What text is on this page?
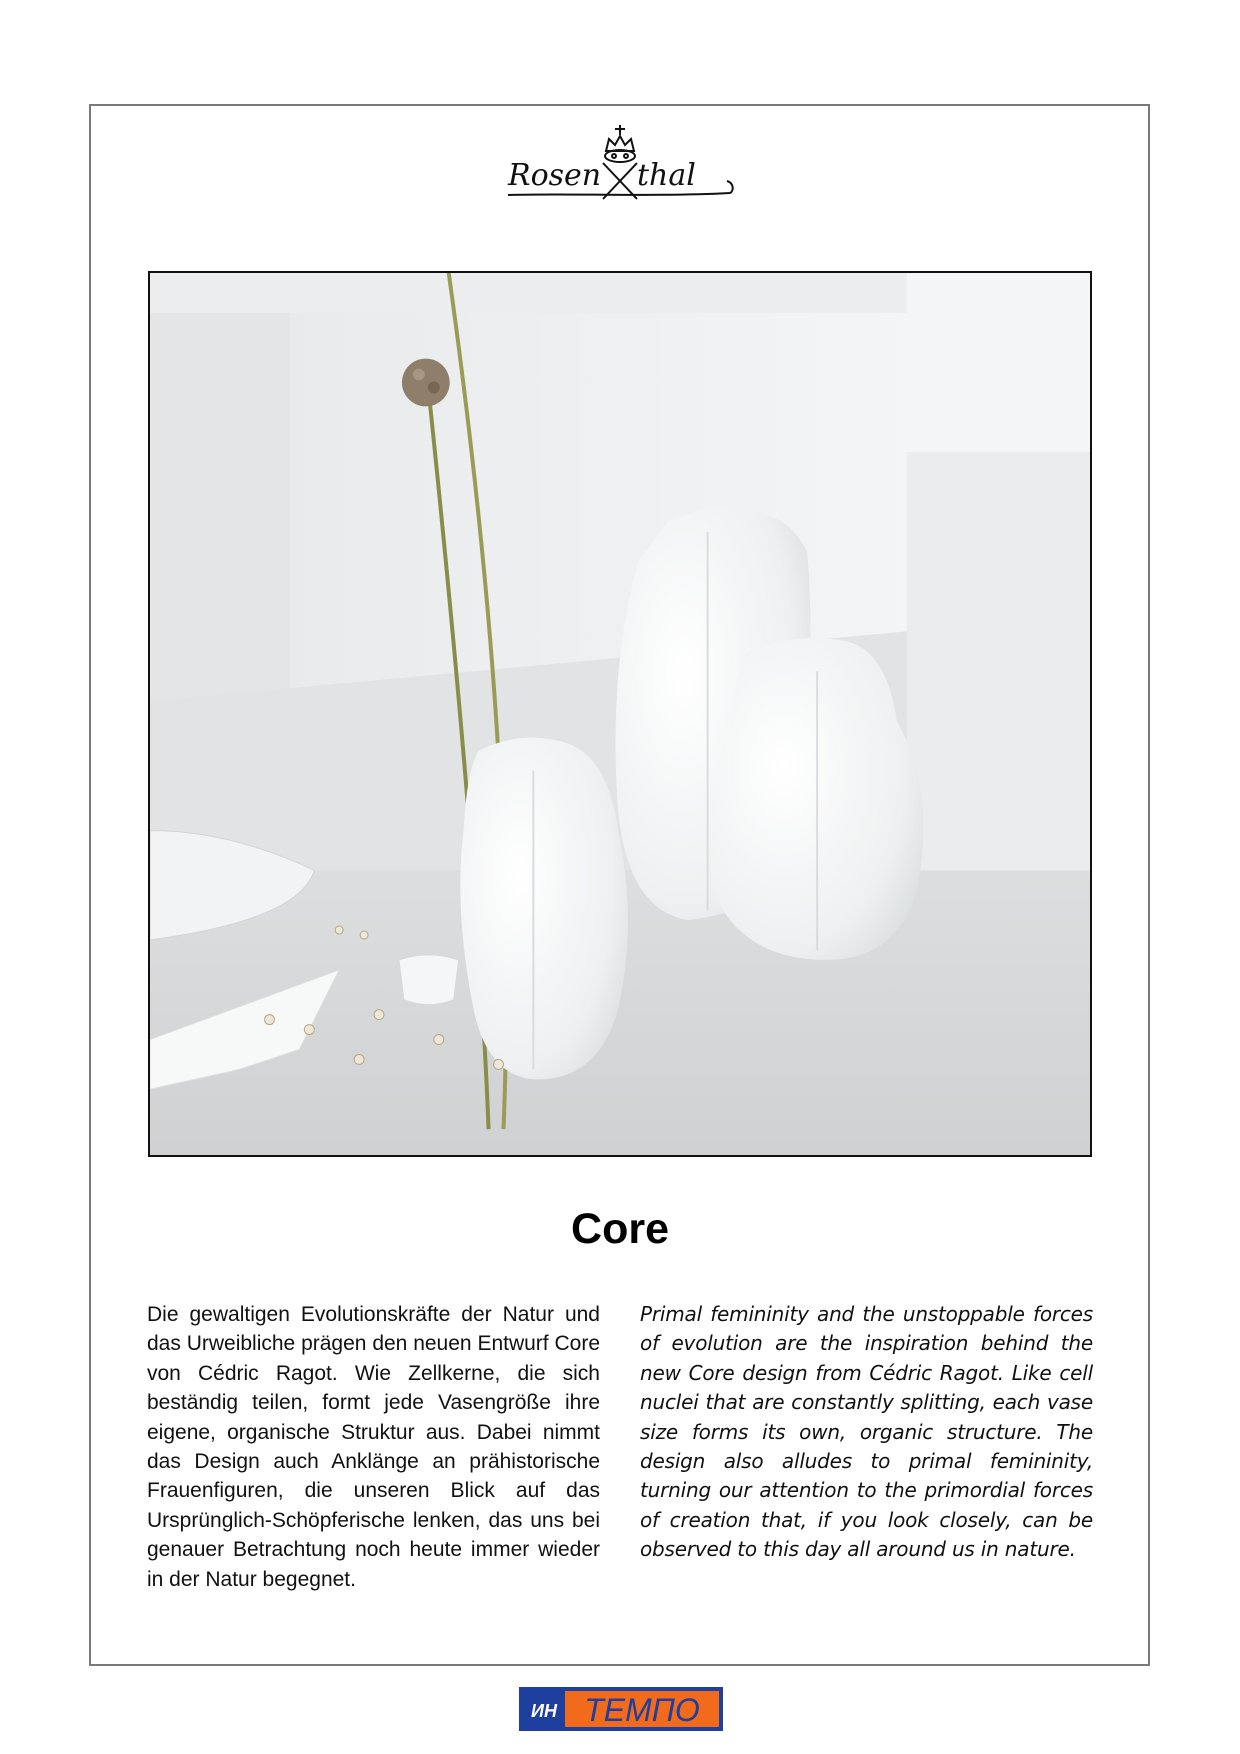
Rosen thal
Core

Die gewaltigen Evolutionskräfte der Natur und das Urweibliche prägen den neuen Entwurf Core von Cédric Ragot. Wie Zellkerne, die sich beständig teilen, formt jede Vasengröße ihre eigene, organische Struktur aus. Dabei nimmt das Design auch Anklänge an prähistorische Frauenfiguren, die unseren Blick auf das Ursprünglich-Schöpferische lenken, das uns bei genauer Betrachtung noch heute immer wieder in der Natur begegnet.

Primal femininity and the unstoppable forces of evolution are the inspiration behind the new Core design from Cédric Ragot. Like cell nuclei that are constantly splitting, each vase size forms its own, organic structure. The design also alludes to primal femininity, turning our attention to the primordial forces of creation that, if you look closely, can be observed to this day all around us in nature.

ИН ТЕМПО
